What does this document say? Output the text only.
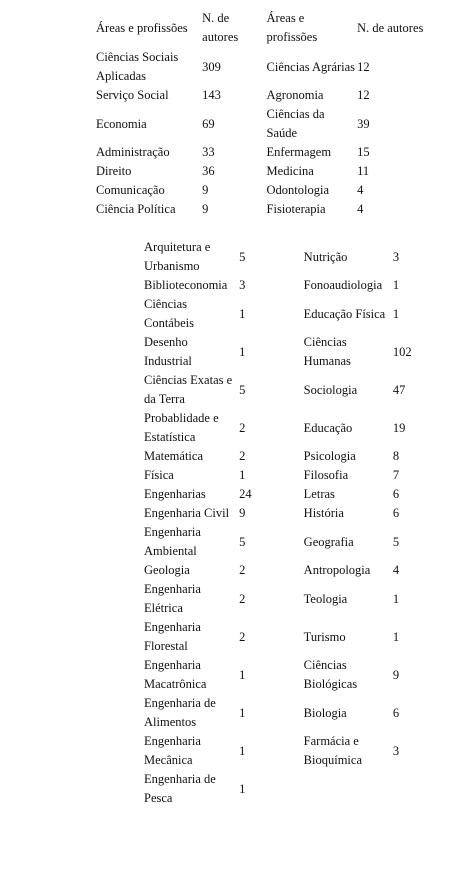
Áreas e profissões	N. de autores	Áreas e profissões	N. de autores
Ciências Sociais Aplicadas	309	Ciências Agrárias	12
Serviço Social	143	Agronomia	12
Economia	69	Ciências da Saúde	39
Administração	33	Enfermagem	15
Direito	36	Medicina	11
Comunicação	9	Odontologia	4
Ciência Política	9	Fisioterapia	4
Arquitetura e Urbanismo	5	Nutrição	3
Biblioteconomia	3	Fonoaudiologia	1
Ciências Contábeis	1	Educação Física	1
Desenho Industrial	1	Ciências Humanas	102
Ciências Exatas e da Terra	5	Sociologia	47
Probablidade e Estatística	2	Educação	19
Matemática	2	Psicologia	8
Física	1	Filosofia	7
Engenharias	24	Letras	6
Engenharia Civil	9	História	6
Engenharia Ambiental	5	Geografia	5
Geologia	2	Antropologia	4
Engenharia Elétrica	2	Teologia	1
Engenharia Florestal	2	Turismo	1
Engenharia Macatrônica	1	Ciências Biológicas	9
Engenharia de Alimentos	1	Biologia	6
Engenharia Mecânica	1	Farmácia e Bioquímica	3
Engenharia de Pesca	1		
